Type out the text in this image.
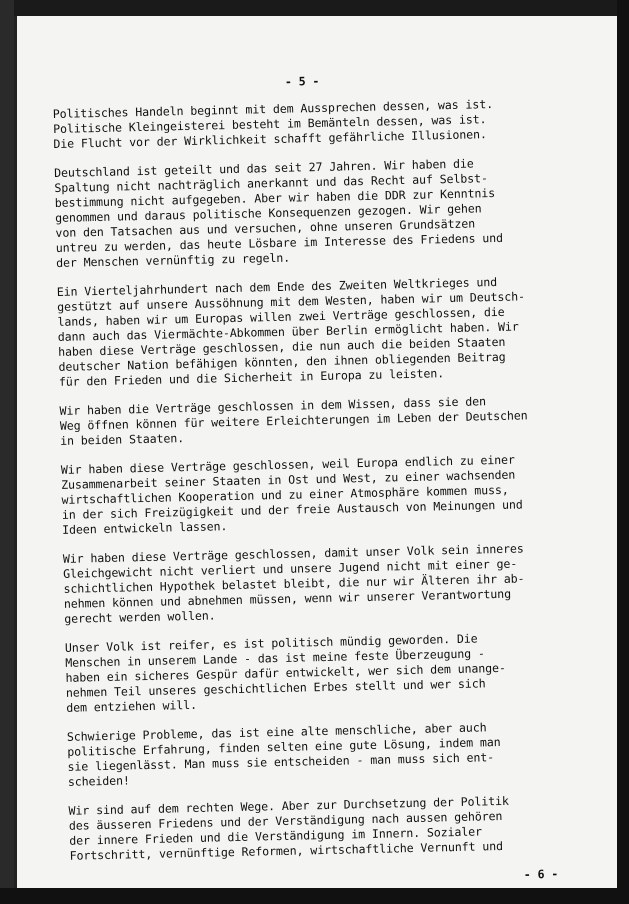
- 5 -
Politisches Handeln beginnt mit dem Aussprechen dessen, was ist.
Politische Kleingeisterei besteht im Bemänteln dessen, was ist.
Die Flucht vor der Wirklichkeit schafft gefährliche Illusionen.
Deutschland ist geteilt und das seit 27 Jahren. Wir haben die
Spaltung nicht nachträglich anerkannt und das Recht auf Selbst-
bestimmung nicht aufgegeben. Aber wir haben die DDR zur Kenntnis
genommen und daraus politische Konsequenzen gezogen. Wir gehen
von den Tatsachen aus und versuchen, ohne unseren Grundsätzen
untreu zu werden, das heute Lösbare im Interesse des Friedens und
der Menschen vernünftig zu regeln.
Ein Vierteljahrhundert nach dem Ende des Zweiten Weltkrieges und
gestützt auf unsere Aussöhnung mit dem Westen, haben wir um Deutsch-
lands, haben wir um Europas willen zwei Verträge geschlossen, die
dann auch das Viermächte-Abkommen über Berlin ermöglicht haben. Wir
haben diese Verträge geschlossen, die nun auch die beiden Staaten
deutscher Nation befähigen könnten, den ihnen obliegenden Beitrag
für den Frieden und die Sicherheit in Europa zu leisten.
Wir haben die Verträge geschlossen in dem Wissen, dass sie den
Weg öffnen können für weitere Erleichterungen im Leben der Deutschen
in beiden Staaten.
Wir haben diese Verträge geschlossen, weil Europa endlich zu einer
Zusammenarbeit seiner Staaten in Ost und West, zu einer wachsenden
wirtschaftlichen Kooperation und zu einer Atmosphäre kommen muss,
in der sich Freizügigkeit und der freie Austausch von Meinungen und
Ideen entwickeln lassen.
Wir haben diese Verträge geschlossen, damit unser Volk sein inneres
Gleichgewicht nicht verliert und unsere Jugend nicht mit einer ge-
schichtlichen Hypothek belastet bleibt, die nur wir Älteren ihr ab-
nehmen können und abnehmen müssen, wenn wir unserer Verantwortung
gerecht werden wollen.
Unser Volk ist reifer, es ist politisch mündig geworden. Die
Menschen in unserem Lande - das ist meine feste Überzeugung -
haben ein sicheres Gespür dafür entwickelt, wer sich dem unange-
nehmen Teil unseres geschichtlichen Erbes stellt und wer sich
dem entziehen will.
Schwierige Probleme, das ist eine alte menschliche, aber auch
politische Erfahrung, finden selten eine gute Lösung, indem man
sie liegenlässt. Man muss sie entscheiden - man muss sich ent-
scheiden!
Wir sind auf dem rechten Wege. Aber zur Durchsetzung der Politik
des äusseren Friedens und der Verständigung nach aussen gehören
der innere Frieden und die Verständigung im Innern. Sozialer
Fortschritt, vernünftige Reformen, wirtschaftliche Vernunft und
- 6 -
